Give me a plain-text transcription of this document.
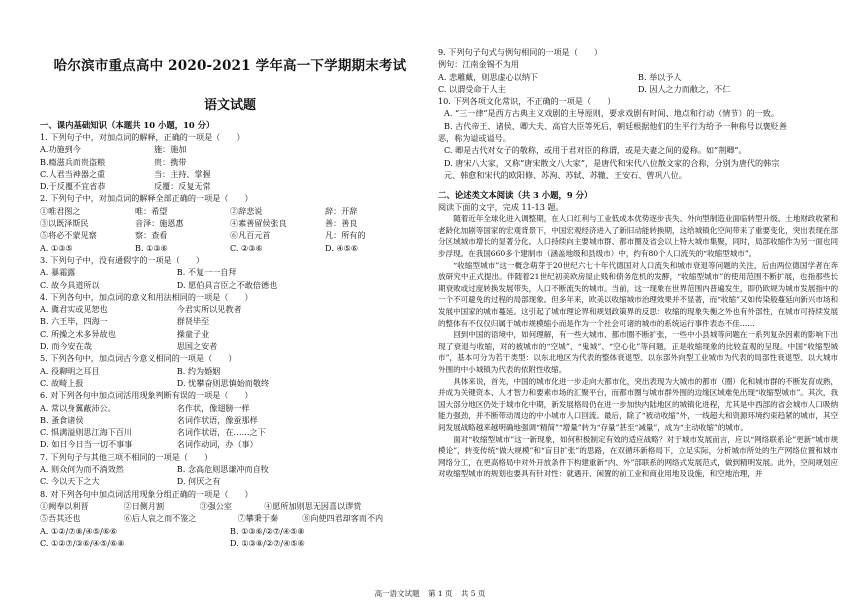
哈尔滨市重点高中 2020-2021 学年高一下学期期末考试
语文试题
一、课内基础知识（本题共 10 小题，10 分）
1. 下列句子中，对加点词的解释，正确的一项是（　　）
A.功施到今	施：施加
B.瘾滋兵而贵盗粮	贵：携带
C.人君当神器之重	当：主持、掌握
D.于反覆不宜省恭	反覆：反复无常
2. 下列句子中，对加点词的解释全部正确的一项是（　　）
①唯君图之	唯：希望	②辞悲说	辞：开辞
③以既泽斯民	音泽：施恩惠	④素善留侯张良	善：善良
⑤将必不蒙见察	察：查看	⑥凡百元首	凡：所有的
A. ①③⑤	B. ①③⑥	C. ②③⑥	D. ④⑤⑥
3. 下列句子中，没有通假字的一项是（　　）
A. 暴霜露	B. 不复一一自拜
C. 故今具道所以	D. 愿伯具言臣之不敢倍德也
4. 下列各句中，加点词的意义和用法相同的一项是（　　）
A. 冀君实或见恕也	今君实所以见教者
B. 六王毕，四海一	群贤毕至
C. 所操之术多异故也	操童子业
D. 而今安在哉	思国之安者
5. 下列各句中，加点词古今意义相同的一项是（　　）
A. 役聊明之耳目	B. 约为婚姻
C. 故畸上报	D. 忧攀奋则思慎始而敬终
6. 对下列各句中加点词活用现象判断有误的一项是（　　）
A. 常以身翼蔽沛公。	名作状，像翅膀一样
B. 蚤食诸侯	名词作状语，像蚕那样
C. 惧满溢则思江海下百川	名词作状语，在……之下
D. 如日今日当一切不事事	名词作动词，办（事）
7. 下列句子与其他三项不相同的一项是（　　）
A. 则众何为而不淌效然	B. 念高危则思谦冲而自牧
C. 今以天下之大	D. 何厌之有
8. 对下列各句中加点词活用现象分组正确的一项是（　　）
①阙奉以利晋	②日侧月割	③强公室	④愿所加则思无因喜以谬赏
⑤吾其还也	⑥后人哀之而不鉴之	⑦攀秉于秦	⑧向使四君却客而不内
A. ①②/⑦⑧/④⑤/⑥⑥	B. ①③⑥/②⑦/④⑤⑧
C. ①②⑦/③⑥/④⑤/⑥⑧	D. ①③⑧/②⑦/④⑤⑥
9. 下列句子句式与例句相同的一项是（　　）
例句：江南金锡不为用
A. 悲雕戴，则思虚心以纳下	B. 举以予人
C. 以谓受命于人主	D. 因人之力而敝之，不仁
10. 下列各项文化常识，不正确的一项是（　　）
A. “三一律”是西方古典主义戏剧的主导原则，要求戏剧有时间、地点和行动（情节）的一致。
B. 古代帝王、诸侯、卿大夫、高官大臣等死后，朝廷根据他们的生平行为给予一种称号以褒贬善
恶，称为谥或谥号。
C. 卿是古代对女子的敬称，或用于君对臣的称谓，或是夫妻之间的爱称。如“荆卿”。
D. 唐宋八大家，又称“唐宋散文八大家”，是唐代和宋代八位散文家的合称，分别为唐代的韩宗
元、韩愈和宋代的欧阳修、苏洵、苏轼、苏辙、王安石、曾巩八位。
二、论述类文本阅读（共 3 小题，9 分）
阅读下面的文字，完成 11-13 题。
随着近年全球化进入调整期，在人口红利与工业低成本优势逐步丧失、外向型制造业面临转型升级、土地财政收紧和老龄化加剧等国家的宏观背景下，中国宏观经济进入了新旧动能转换期，这给城镇化空间带来了重要变化，突出表现在部分区域城市增长的显著分化。人口持续向主要城市群、都市圈及省会以上特大城市集聚，同时，局部收缩作为另一面也同步浮现。在我国660多个建制市（涵盖地级和县级市）中，约有80个人口流失的“收缩型城市”。
“收缩型城市”这一概念萌芽于20世纪六七十年代德国对人口流失和城市衰退等问题的关注，后由两位德国学者在奔放研究中正式提出。伴随着21世纪初美欧房屋止贱和债务危机的发酵，“收缩型城市”的使用范围不断扩展，也指那些长期衰败或过度转换发展带失，人口不断流失的城市。当前，这一现象在世界范围内普遍发生，即仍欧规为城市发展指中的一个不可避免的过程的局部现象。但多年来，欧美以收缩城市治理效果并不显著，而“收缩”又如传染般蔓延向新兴市场和发展中国家的城市蔓延。这引起了城市理论界和规划政策界的反思：收缩的现象失衡之外也有外部性，在城市可持续发展的整体有不仅仅归属于城市规模缩小而是作为一个社会可诸的城市的系统运行事件表态不佳……
回到中国的语境中，如何理解，有一些大城市、都市圈不断扩张，一些中小县城等问题在一系列复杂因素的影响下出现了衰退与收缩，对的被城市的“空城”、“鬼城”、“空心化”等问题，正是收缩现象的比较直观的呈现。中国“收缩型城市”，基本可分为若干类型：以东北地区为代表的整体衰退型、以东部外向型工业城市为代表的局部性衰退型、以大城市外围的中小城镇为代表的依附性收缩。
具体来说，首先，中国的城市化进一步走向大都市化，突出表现为大城市的都市（圈）化和城市群的不断发育成熟，并成为关键资本、人才智力和要素市场的汇聚平台，而都市圈与城市群外围的边缘区域难免出现“收缩型城市”。其次，我国大部分地区仍处于城市化中期，新发展格局仍在进一步加快内陆地区的城镇化进程，尤其是中西部的省会城市人口吸纳能力强劲，并不断带动周边的中小城市人口回流。最后，除了“被动收缩”外，一线超大和资源环境约束趋紧的城市，其空间发展战略越来越明确地强调“精简”“增量”转为“存量”甚至“减量”，成为“主动收缩”的城市。
面对“收缩型城市”这一新现象，如何积极制定有效的适应战略？对于城市发展而言，应以“网络联系论”更新“城市规模论”，转变传统“做大规模”和“盲目扩张”的思路，在双循环新格局下，立足实际，分析城市所处的生产网络位置和城市网络分工，在更高格局中对外开放条件下构建重新“内、外”部联系的网络式发展范式，做到精明发展。此外，空间规划应对收缩型城市的规划也要具有针对性：就遇开、闲置的前工业和商业用地及设施，和空地治理，并
高一语文试题 第 1 页 共 5 页
